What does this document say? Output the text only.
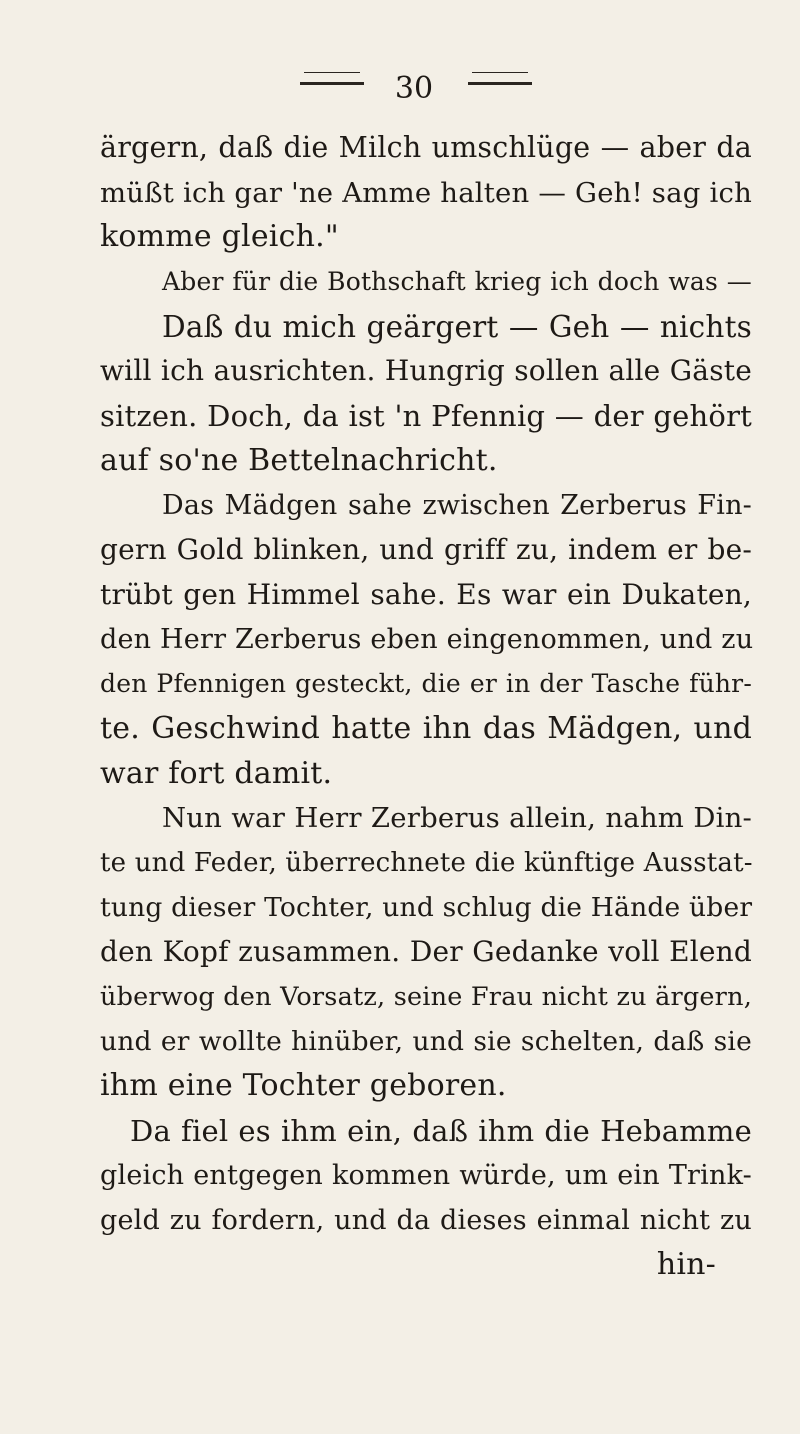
30
ärgern, daß die Milch umschlüge — aber da
müßt ich gar 'ne Amme halten — Geh! sag ich
komme gleich."
Aber für die Bothschaft krieg ich doch was —
Daß du mich geärgert — Geh — nichts
will ich ausrichten. Hungrig sollen alle Gäste
sitzen. Doch, da ist 'n Pfennig — der gehört
auf so'ne Bettelnachricht.
Das Mädgen sahe zwischen Zerberus Fin-
gern Gold blinken, und griff zu, indem er be-
trübt gen Himmel sahe. Es war ein Dukaten,
den Herr Zerberus eben eingenommen, und zu
den Pfennigen gesteckt, die er in der Tasche führ-
te. Geschwind hatte ihn das Mädgen, und
war fort damit.
Nun war Herr Zerberus allein, nahm Din-
te und Feder, überrechnete die künftige Ausstat-
tung dieser Tochter, und schlug die Hände über
den Kopf zusammen. Der Gedanke voll Elend
überwog den Vorsatz, seine Frau nicht zu ärgern,
und er wollte hinüber, und sie schelten, daß sie
ihm eine Tochter geboren.
Da fiel es ihm ein, daß ihm die Hebamme
gleich entgegen kommen würde, um ein Trink-
geld zu fordern, und da dieses einmal nicht zu
hin-
